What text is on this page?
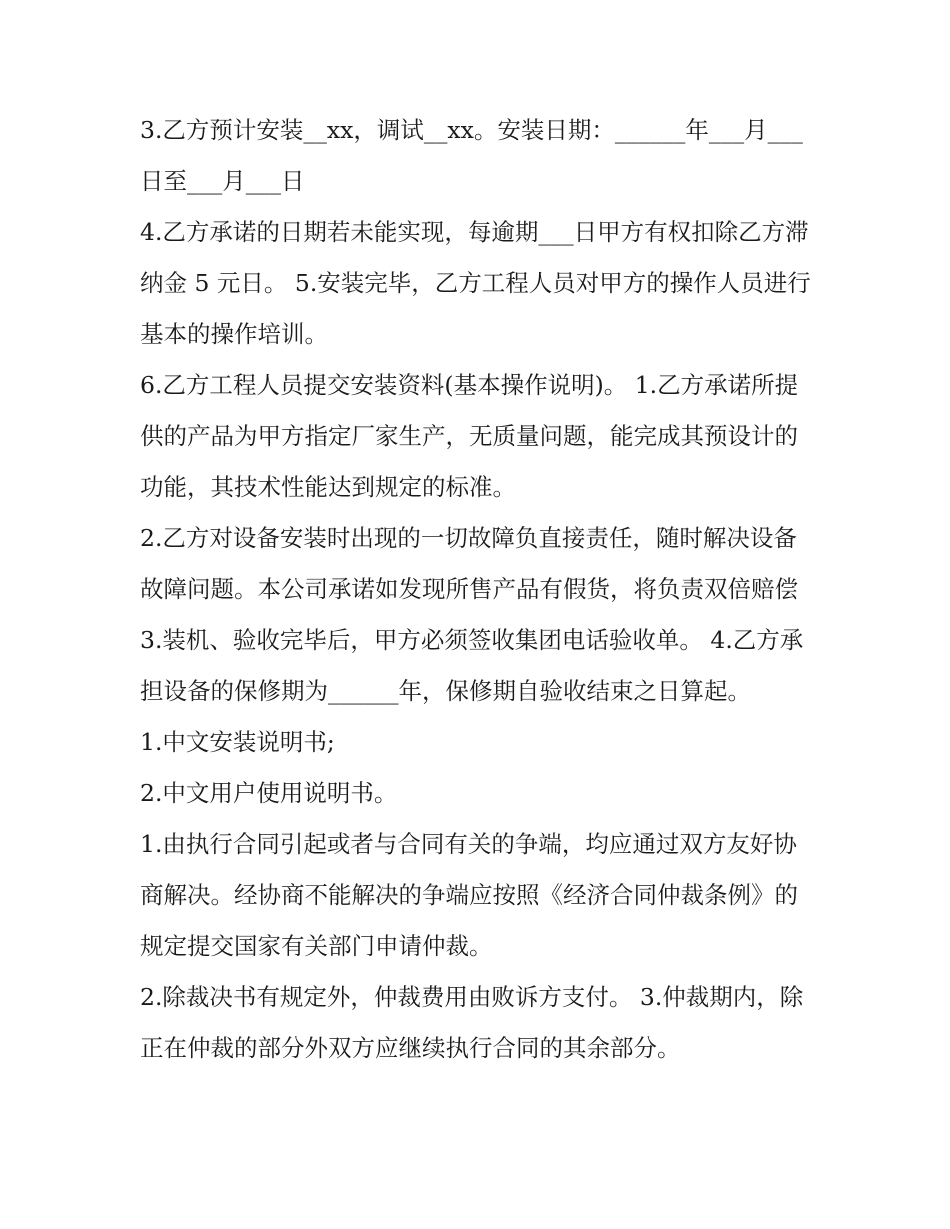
3.乙方预计安装__xx，调试__xx。安装日期：______年___月___日至___月___日

4.乙方承诺的日期若未能实现，每逾期___日甲方有权扣除乙方滞纳金 5 元日。 5.安装完毕，乙方工程人员对甲方的操作人员进行基本的操作培训。

6.乙方工程人员提交安装资料(基本操作说明)。 1.乙方承诺所提供的产品为甲方指定厂家生产，无质量问题，能完成其预设计的功能，其技术性能达到规定的标准。

2.乙方对设备安装时出现的一切故障负直接责任，随时解决设备故障问题。本公司承诺如发现所售产品有假货，将负责双倍赔偿

3.装机、验收完毕后，甲方必须签收集团电话验收单。 4.乙方承担设备的保修期为______年，保修期自验收结束之日算起。

1.中文安装说明书;

2.中文用户使用说明书。

1.由执行合同引起或者与合同有关的争端，均应通过双方友好协商解决。经协商不能解决的争端应按照《经济合同仲裁条例》的规定提交国家有关部门申请仲裁。

2.除裁决书有规定外，仲裁费用由败诉方支付。 3.仲裁期内，除正在仲裁的部分外双方应继续执行合同的其余部分。
